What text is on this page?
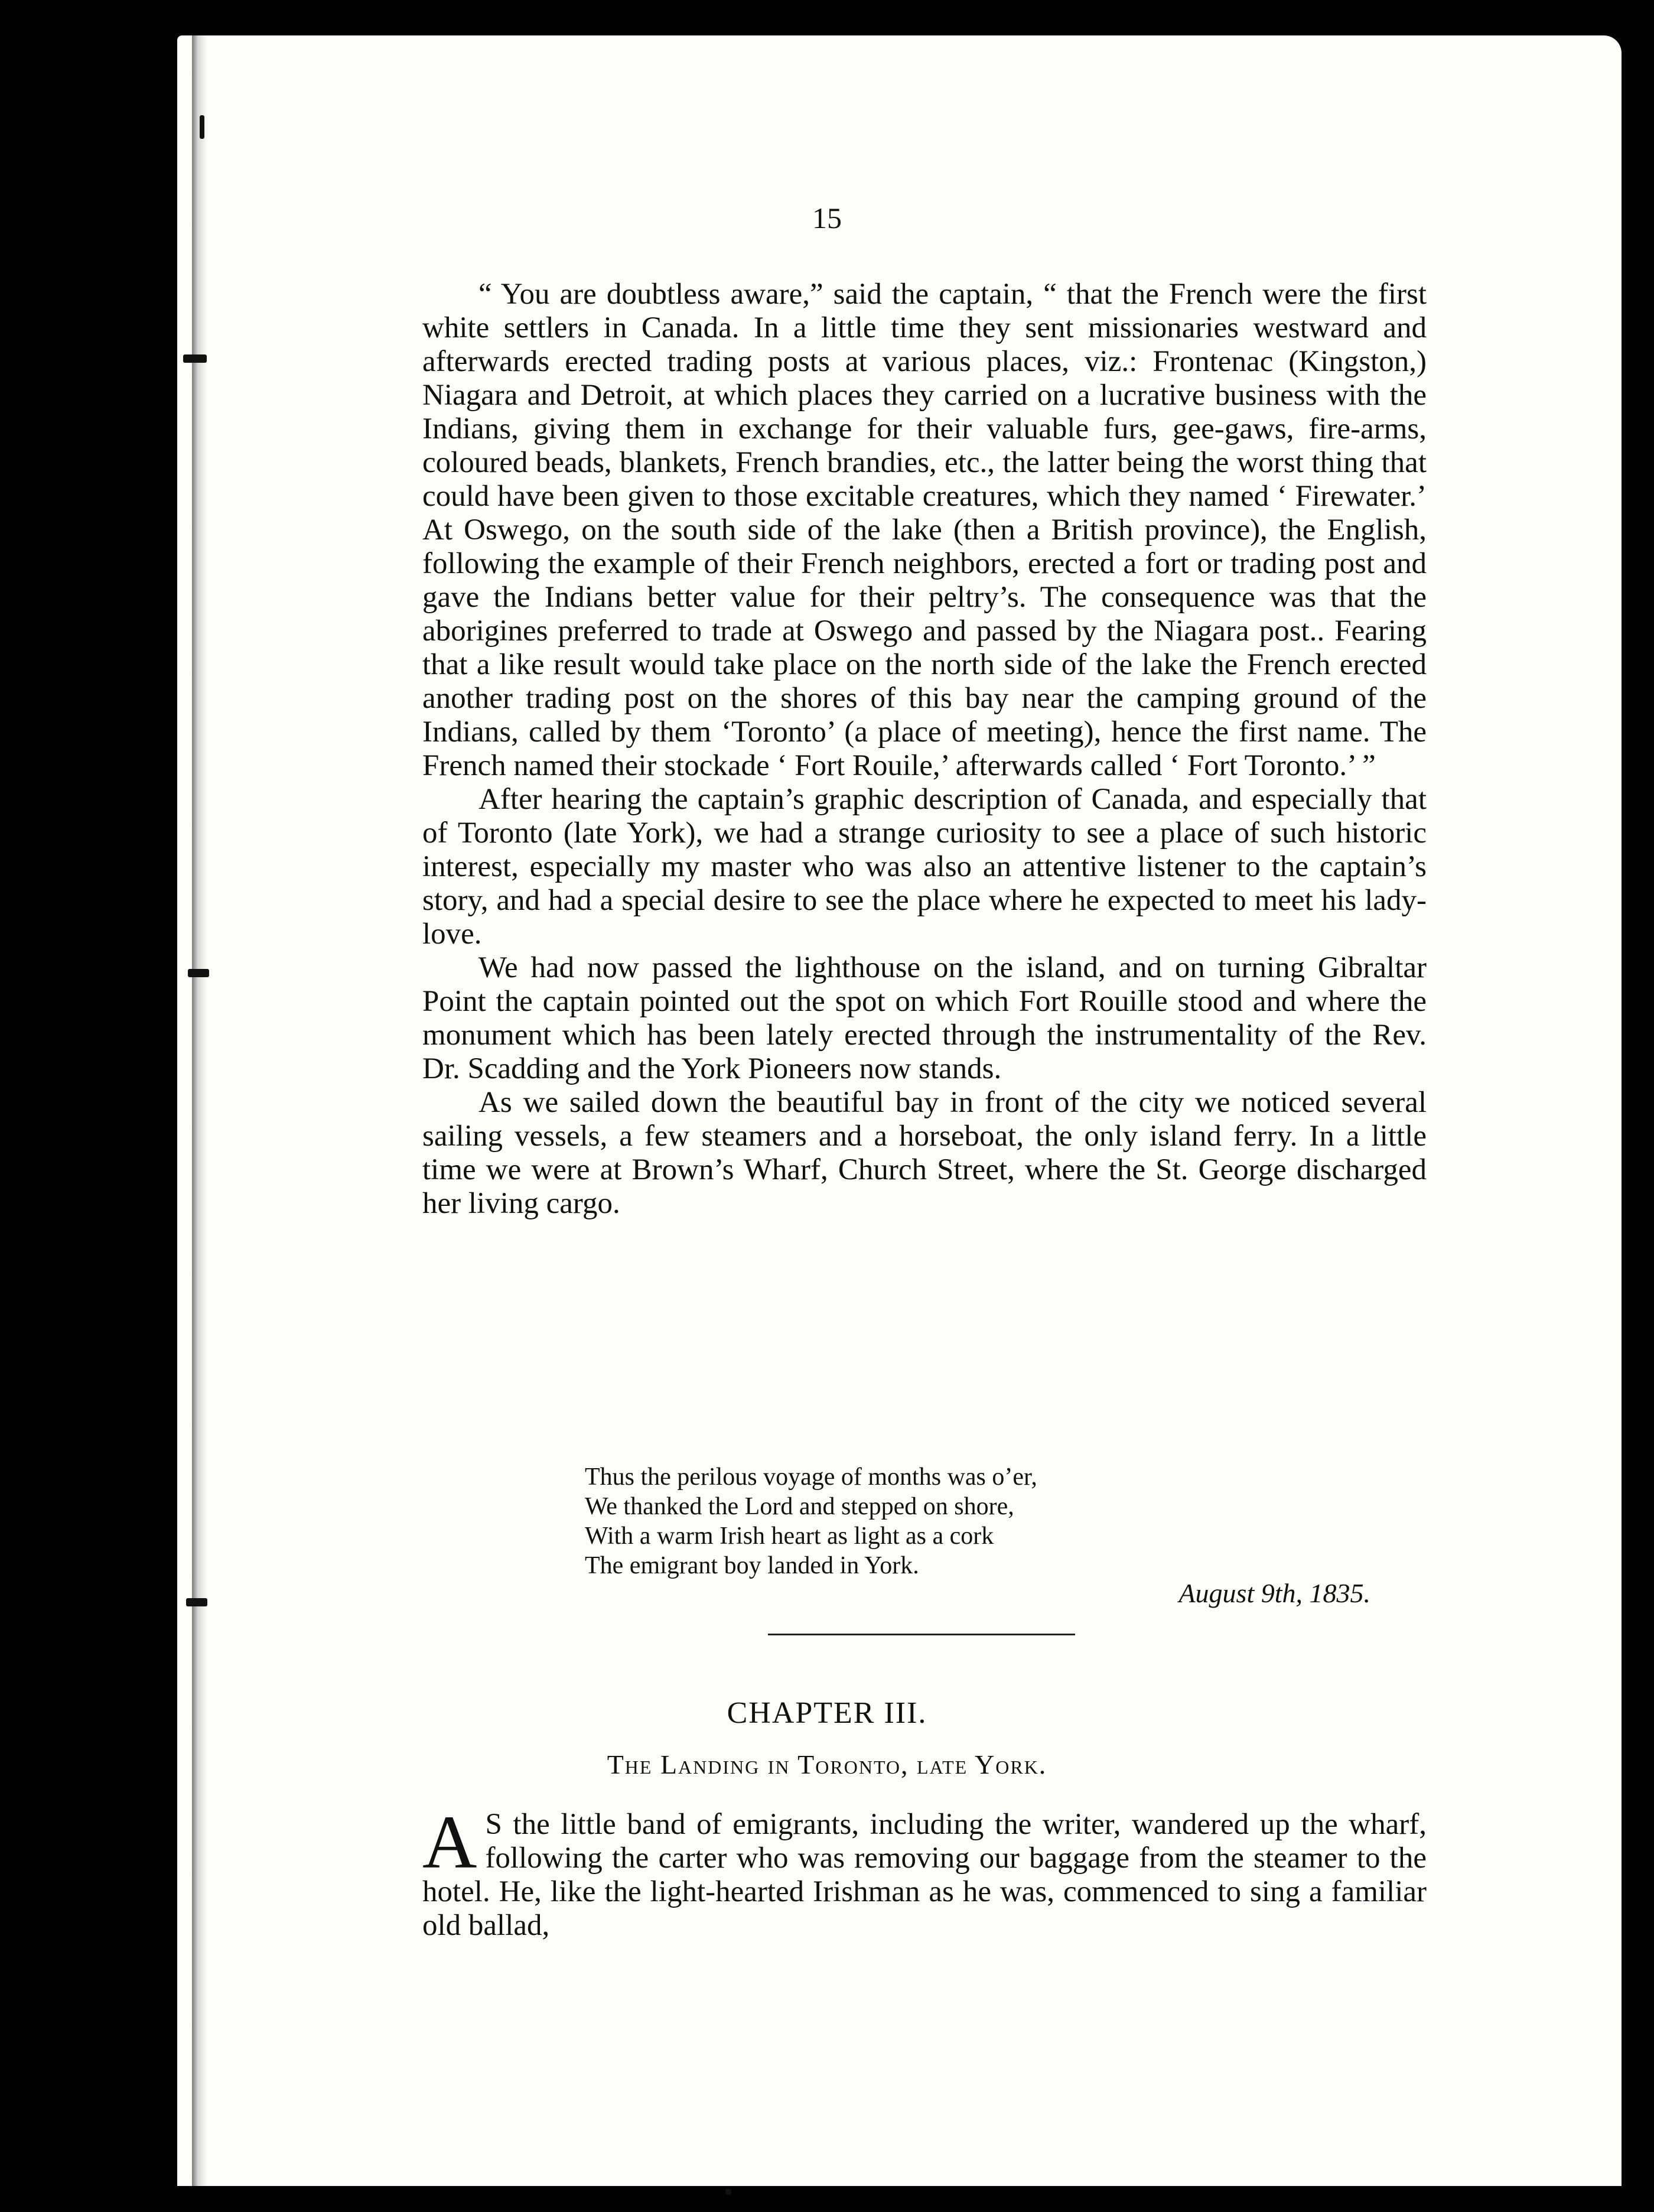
15

“ You are doubtless aware,” said the captain, “ that the French were the first white settlers in Canada. In a little time they sent missionaries westward and afterwards erected trading posts at various places, viz.: Frontenac (Kingston,) Niagara and Detroit, at which places they carried on a lucrative business with the Indians, giving them in exchange for their valuable furs, gee-gaws, fire-arms, coloured beads, blankets, French brandies, etc., the latter being the worst thing that could have been given to those excitable creatures, which they named ‘ Firewater.’ At Oswego, on the south side of the lake (then a British province), the English, following the example of their French neighbors, erected a fort or trading post and gave the Indians better value for their peltry’s. The consequence was that the aborigines preferred to trade at Oswego and passed by the Niagara post.. Fearing that a like result would take place on the north side of the lake the French erected another trading post on the shores of this bay near the camping ground of the Indians, called by them ‘Toronto’ (a place of meeting), hence the first name. The French named their stockade ‘ Fort Rouile,’ afterwards called ‘ Fort Toronto.’ ”

After hearing the captain’s graphic description of Canada, and especially that of Toronto (late York), we had a strange curiosity to see a place of such historic interest, especially my master who was also an attentive listener to the captain’s story, and had a special desire to see the place where he expected to meet his lady-love.

We had now passed the lighthouse on the island, and on turning Gibraltar Point the captain pointed out the spot on which Fort Rouille stood and where the monument which has been lately erected through the instrumentality of the Rev. Dr. Scadding and the York Pioneers now stands.

As we sailed down the beautiful bay in front of the city we noticed several sailing vessels, a few steamers and a horseboat, the only island ferry. In a little time we were at Brown’s Wharf, Church Street, where the St. George discharged her living cargo.

Thus the perilous voyage of months was o’er,
We thanked the Lord and stepped on shore,
With a warm Irish heart as light as a cork
The emigrant boy landed in York.
August 9th, 1835.
CHAPTER III.
The Landing in Toronto, late York.
A S the little band of emigrants, including the writer, wandered up the wharf, following the carter who was removing our baggage from the steamer to the hotel. He, like the light-hearted Irishman as he was, commenced to sing a familiar old ballad,
